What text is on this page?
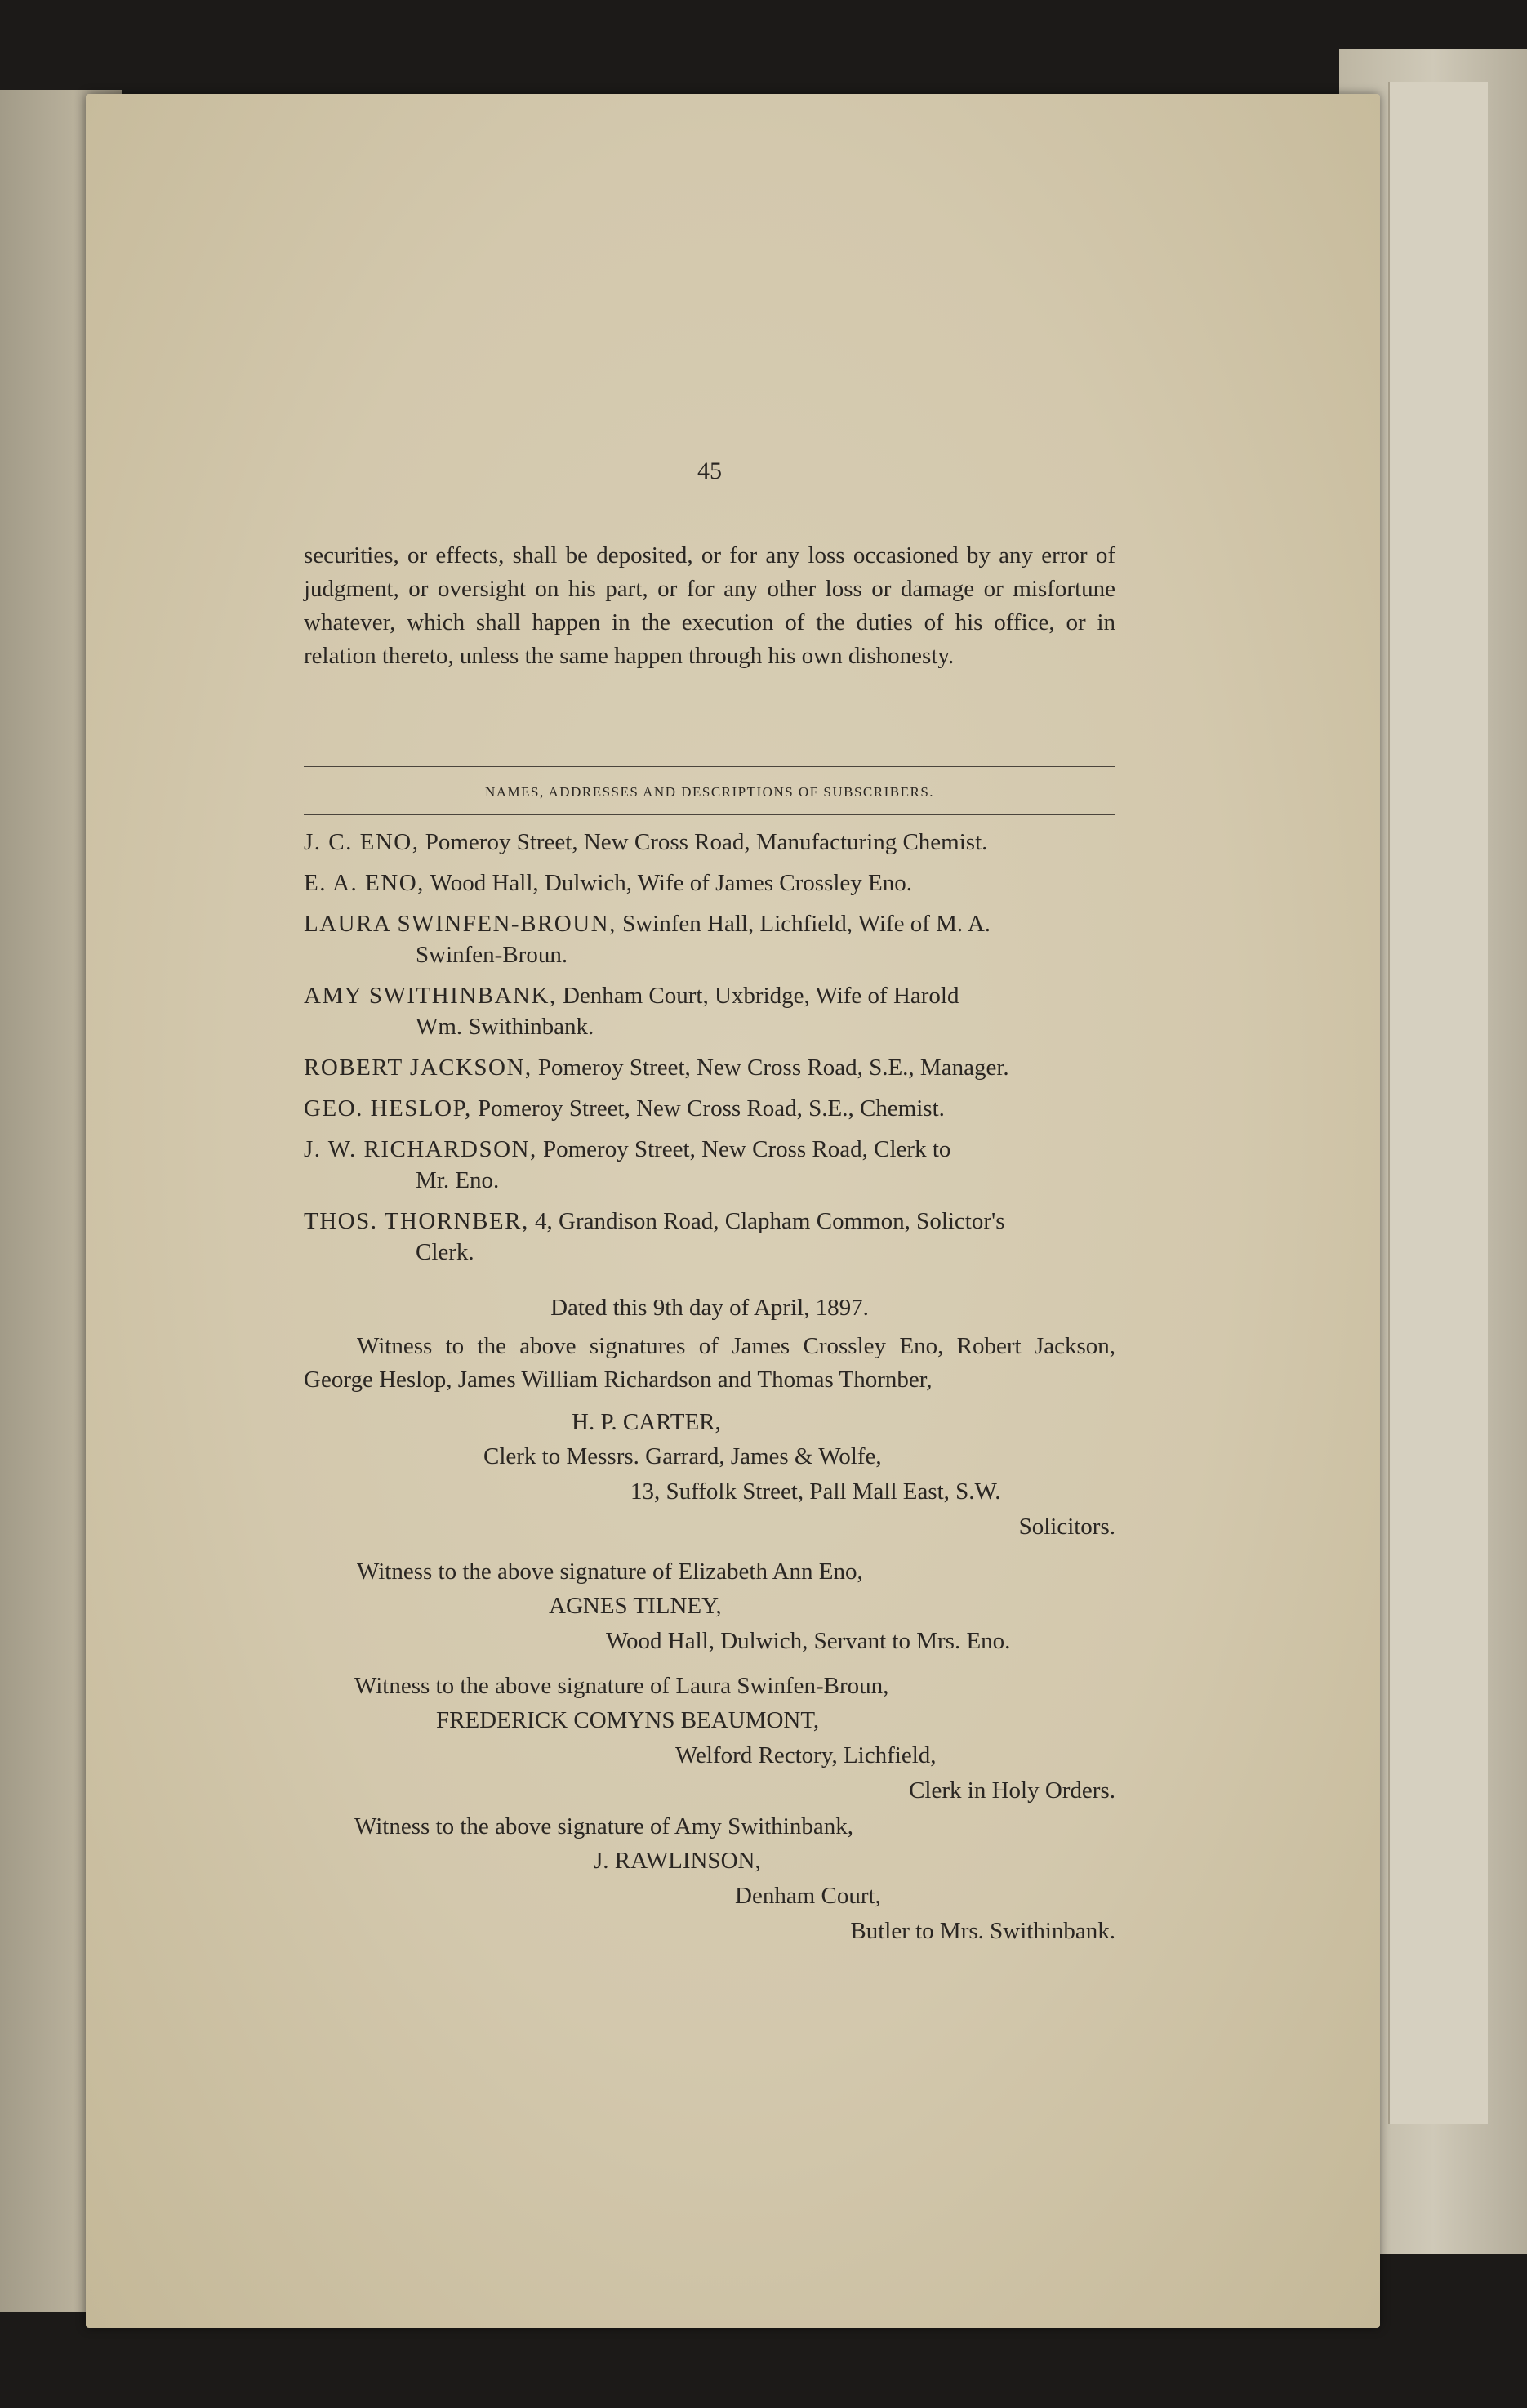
45
securities, or effects, shall be deposited, or for any loss occasioned by any error of judgment, or oversight on his part, or for any other loss or damage or misfortune whatever, which shall happen in the execution of the duties of his office, or in relation thereto, unless the same happen through his own dishonesty.
NAMES, ADDRESSES AND DESCRIPTIONS OF SUBSCRIBERS.
J. C. ENO, Pomeroy Street, New Cross Road, Manufacturing Chemist.
E. A. ENO, Wood Hall, Dulwich, Wife of James Crossley Eno.
LAURA SWINFEN-BROUN, Swinfen Hall, Lichfield, Wife of M. A.
Swinfen-Broun.
AMY SWITHINBANK, Denham Court, Uxbridge, Wife of Harold
Wm. Swithinbank.
ROBERT JACKSON, Pomeroy Street, New Cross Road, S.E., Manager.
GEO. HESLOP, Pomeroy Street, New Cross Road, S.E., Chemist.
J. W. RICHARDSON, Pomeroy Street, New Cross Road, Clerk to
Mr. Eno.
THOS. THORNBER, 4, Grandison Road, Clapham Common, Solictor's
Clerk.
Dated this 9th day of April, 1897.
Witness to the above signatures of James Crossley Eno, Robert Jackson, George Heslop, James William Richardson and Thomas Thornber,
H. P. CARTER,
Clerk to Messrs. Garrard, James & Wolfe,
13, Suffolk Street, Pall Mall East, S.W.
Solicitors.
Witness to the above signature of Elizabeth Ann Eno,
AGNES TILNEY,
Wood Hall, Dulwich, Servant to Mrs. Eno.
Witness to the above signature of Laura Swinfen-Broun,
FREDERICK COMYNS BEAUMONT,
Welford Rectory, Lichfield,
Clerk in Holy Orders.
Witness to the above signature of Amy Swithinbank,
J. RAWLINSON,
Denham Court,
Butler to Mrs. Swithinbank.
